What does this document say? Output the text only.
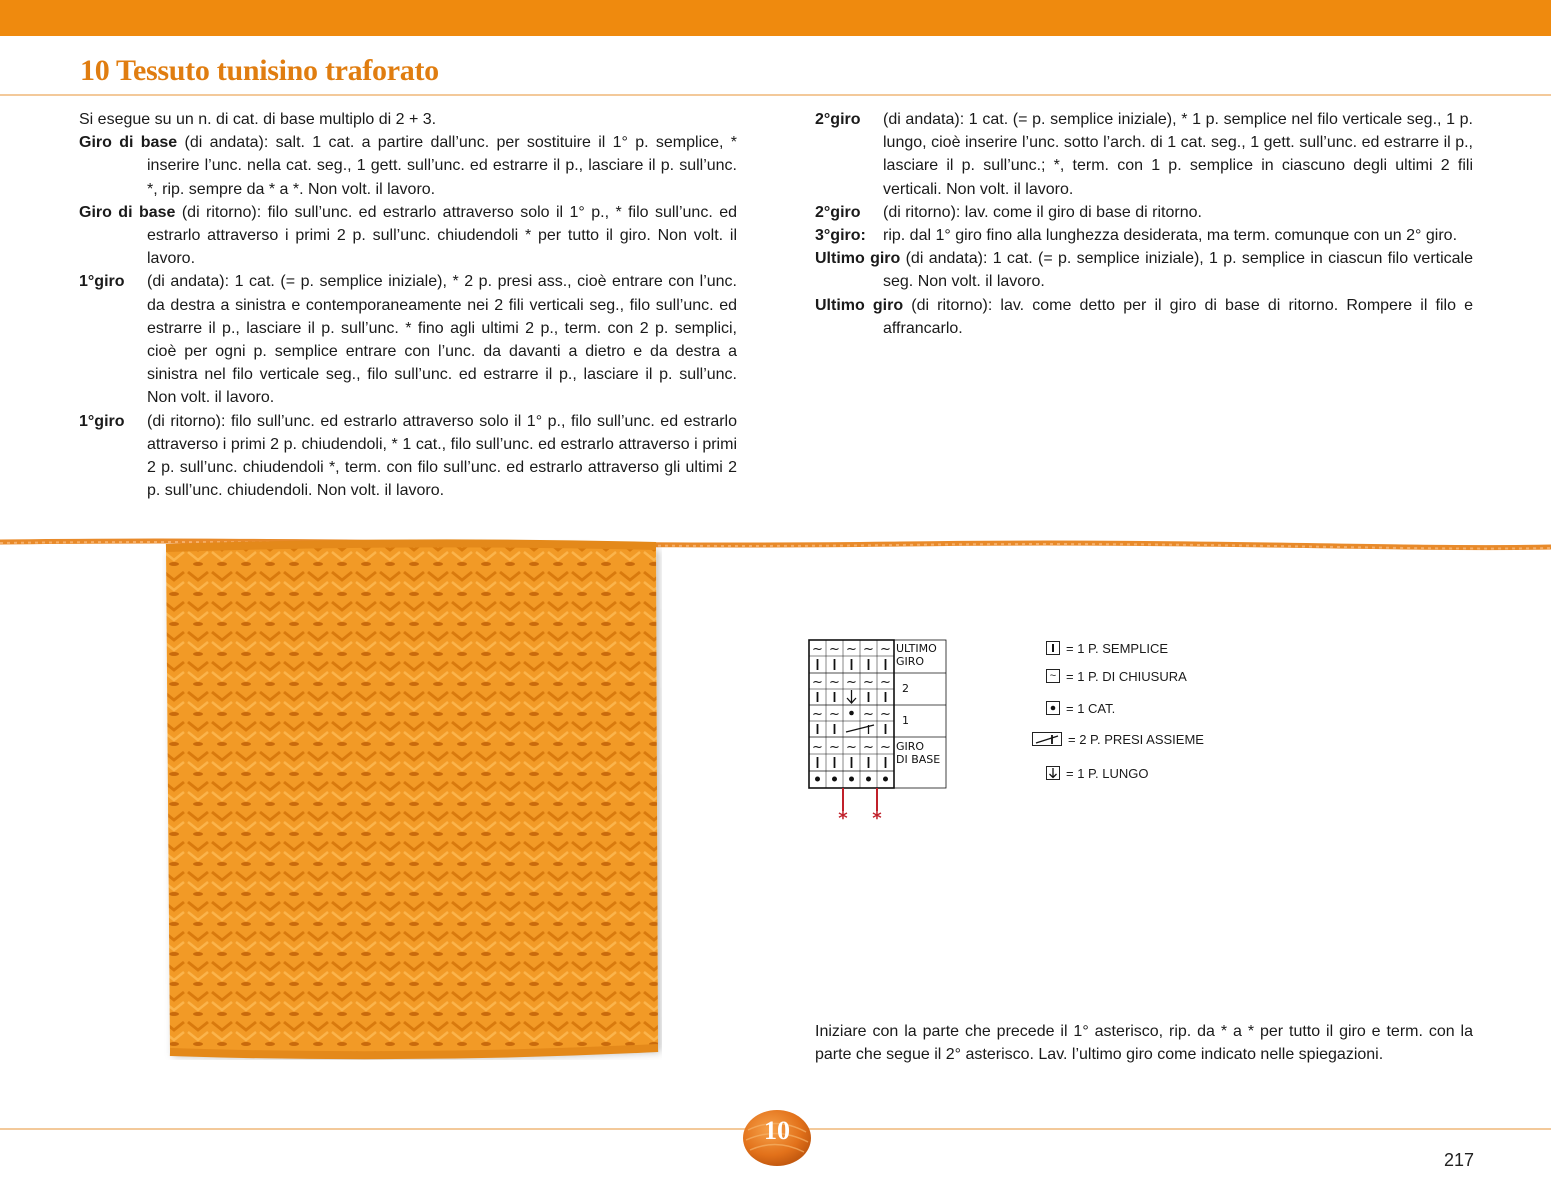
10 Tessuto tunisino traforato

Si esegue su un n. di cat. di base multiplo di 2 + 3.

Giro di base (di andata): salt. 1 cat. a partire dall’unc. per sostituire il 1° p. semplice, * inserire l’unc. nella cat. seg., 1 gett. sull’unc. ed estrarre il p., lasciare il p. sull’unc. *, rip. sempre da * a *. Non volt. il lavoro.

Giro di base (di ritorno): filo sull’unc. ed estrarlo attraverso solo il 1° p., * filo sull’unc. ed estrarlo attraverso i primi 2 p. sull’unc. chiudendoli * per tutto il giro. Non volt. il lavoro.

1°giro	(di andata): 1 cat. (= p. semplice iniziale), * 2 p. presi ass., cioè entrare con l’unc. da destra a sinistra e contemporaneamente nei 2 fili verticali seg., filo sull’unc. ed estrarre il p., lasciare il p. sull’unc. * fino agli ultimi 2 p., term. con 2 p. semplici, cioè per ogni p. semplice entrare con l’unc. da davanti a dietro e da destra a sinistra nel filo verticale seg., filo sull’unc. ed estrarre il p., lasciare il p. sull’unc. Non volt. il lavoro.
1°giro	(di ritorno): filo sull’unc. ed estrarlo attraverso solo il 1° p., filo sull’unc. ed estrarlo attraverso i primi 2 p. chiudendoli, * 1 cat., filo sull’unc. ed estrarlo attraverso i primi 2 p. sull’unc. chiudendoli *, term. con filo sull’unc. ed estrarlo attraverso gli ultimi 2 p. sull’unc. chiudendoli. Non volt. il lavoro.
2°giro	(di andata): 1 cat. (= p. semplice iniziale), * 1 p. semplice nel filo verticale seg., 1 p. lungo, cioè inserire l’unc. sotto l’arch. di 1 cat. seg., 1 gett. sull’unc. ed estrarre il p., lasciare il p. sull’unc.; *, term. con 1 p. semplice in ciascuno degli ultimi 2 fili verticali. Non volt. il lavoro.
2°giro	(di ritorno): lav. come il giro di base di ritorno.
3°giro:	rip. dal 1° giro fino alla lunghezza desiderata, ma term. comunque con un 2° giro.

Ultimo giro (di andata): 1 cat. (= p. semplice iniziale), 1 p. semplice in ciascun filo verticale seg. Non volt. il lavoro.

Ultimo giro (di ritorno): lav. come detto per il giro di base di ritorno. Rompere il filo e affrancarlo.

~ ~ ~ ~ ~
~ ~ ~ ~ ~
~ ~ ~ ~
~ ~ ~ ~ ~
ULTIMO
GIRO
2
1
GIRO
DI BASE
* *
= 1 P. SEMPLICE
~ = 1 P. DI CHIUSURA
= 1 CAT.
= 2 P. PRESI ASSIEME
= 1 P. LUNGO

Iniziare con la parte che precede il 1° asterisco, rip. da * a * per tutto il giro e term. con la parte che segue il 2° asterisco. Lav. l’ultimo giro come indicato nelle spiegazioni.

10
217
